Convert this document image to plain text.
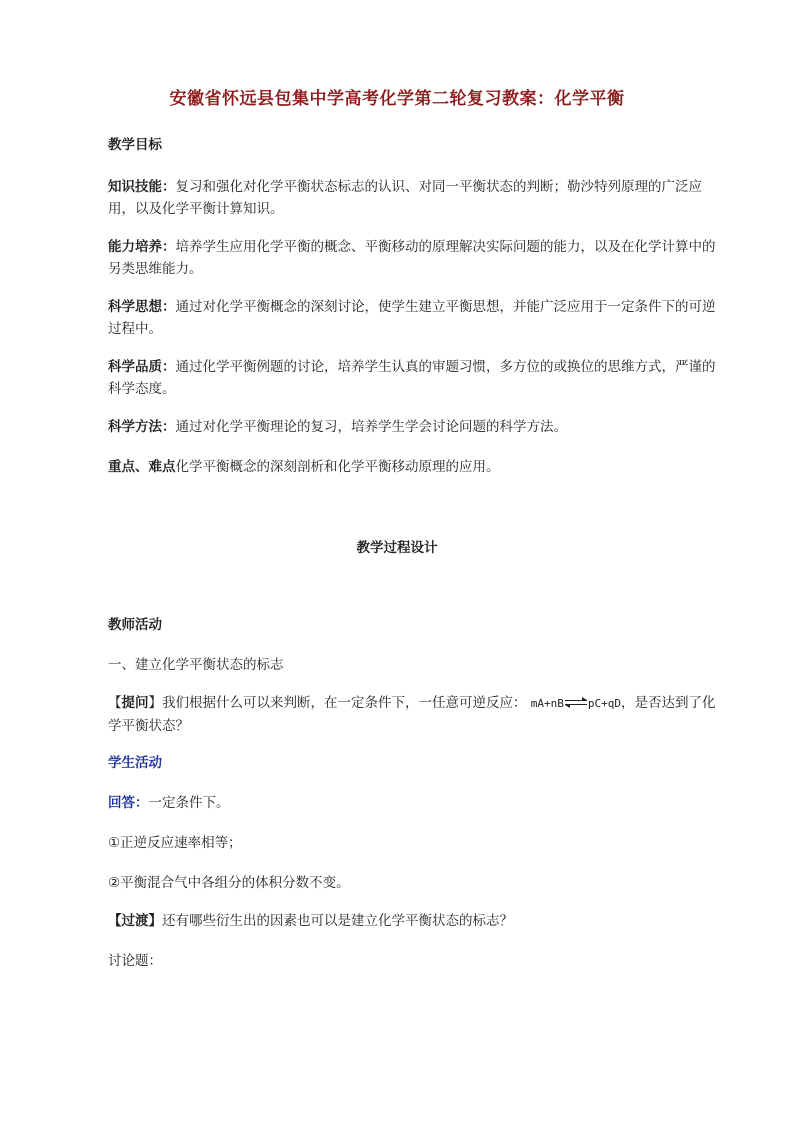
安徽省怀远县包集中学高考化学第二轮复习教案：化学平衡
教学目标
知识技能：复习和强化对化学平衡状态标志的认识、对同一平衡状态的判断；勒沙特列原理的广泛应用，以及化学平衡计算知识。
能力培养：培养学生应用化学平衡的概念、平衡移动的原理解决实际问题的能力，以及在化学计算中的另类思维能力。
科学思想：通过对化学平衡概念的深刻讨论，使学生建立平衡思想，并能广泛应用于一定条件下的可逆过程中。
科学品质：通过化学平衡例题的讨论，培养学生认真的审题习惯，多方位的或换位的思维方式，严谨的科学态度。
科学方法：通过对化学平衡理论的复习，培养学生学会讨论问题的科学方法。
重点、难点化学平衡概念的深刻剖析和化学平衡移动原理的应用。
教学过程设计
教师活动
一、建立化学平衡状态的标志
【提问】我们根据什么可以来判断，在一定条件下，一任意可逆反应： mA+nB⇌pC+qD，是否达到了化学平衡状态？
学生活动
回答：一定条件下。
①正逆反应速率相等；
②平衡混合气中各组分的体积分数不变。
【过渡】还有哪些衍生出的因素也可以是建立化学平衡状态的标志？
讨论题：
